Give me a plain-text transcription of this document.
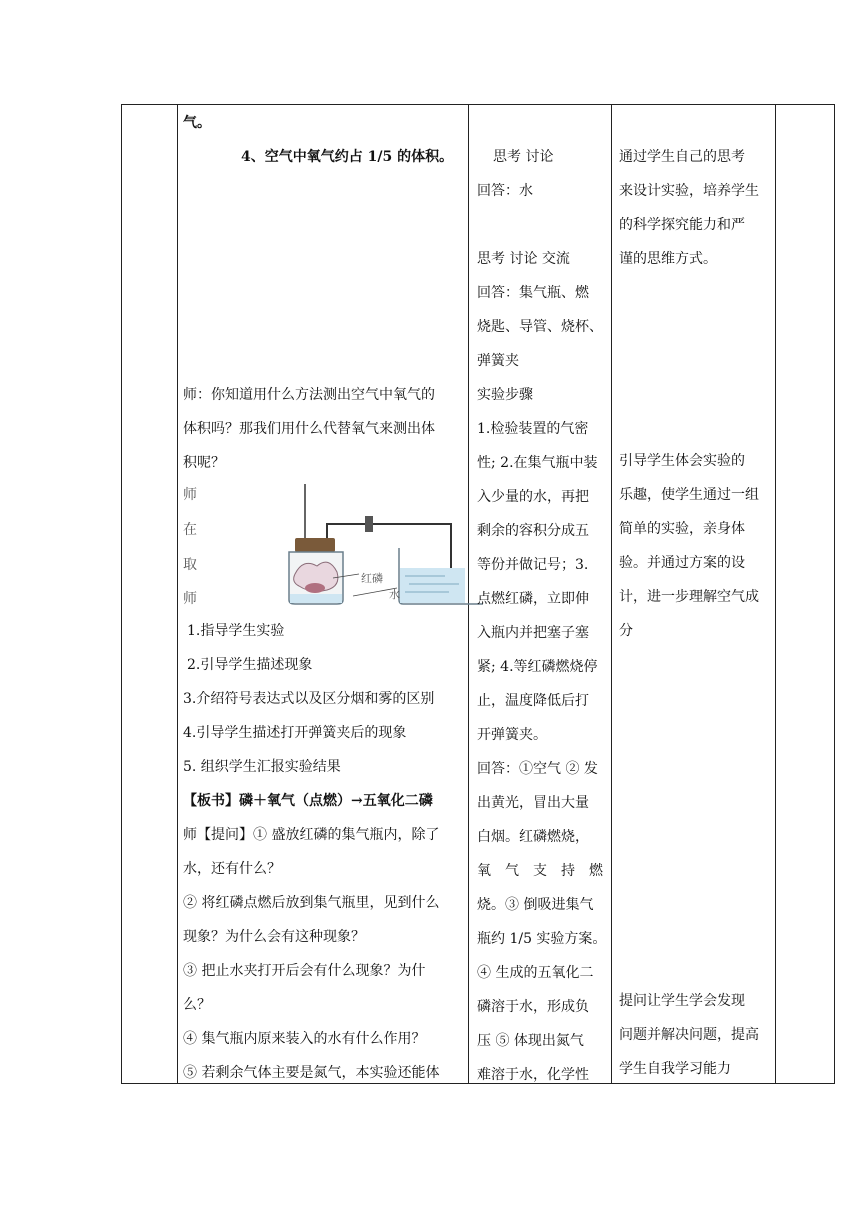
气。
4、空气中氧气约占 1/5 的体积。
师：你知道用什么方法测出空气中氧气的
体积吗？那我们用什么代替氧气来测出体
积呢？
师
在
取
师
红磷
水
1.指导学生实验
2.引导学生描述现象
3.介绍符号表达式以及区分烟和雾的区别
4.引导学生描述打开弹簧夹后的现象
5. 组织学生汇报实验结果
【板书】磷＋氧气（点燃）→五氧化二磷
师【提问】① 盛放红磷的集气瓶内，除了
水，还有什么？
② 将红磷点燃后放到集气瓶里，见到什么
现象？为什么会有这种现象？
③ 把止水夹打开后会有什么现象？为什
么？
④ 集气瓶内原来装入的水有什么作用？
⑤ 若剩余气体主要是氮气，本实验还能体
思考 讨论
回答：水
思考 讨论 交流
回答：集气瓶、燃
烧匙、导管、烧杯、
弹簧夹
实验步骤
1.检验装置的气密
性; 2.在集气瓶中装
入少量的水，再把
剩余的容积分成五
等份并做记号；3.
点燃红磷，立即伸
入瓶内并把塞子塞
紧; 4.等红磷燃烧停
止，温度降低后打
开弹簧夹。
回答：①空气 ② 发
出黄光，冒出大量
白烟。红磷燃烧，
氧　气　支　持　燃
烧。③ 倒吸进集气
瓶约 1/5 实验方案。
④ 生成的五氧化二
磷溶于水，形成负
压 ⑤ 体现出氮气
难溶于水，化学性
通过学生自己的思考
来设计实验，培养学生
的科学探究能力和严
谨的思维方式。
引导学生体会实验的
乐趣，使学生通过一组
简单的实验，亲身体
验。并通过方案的设
计，进一步理解空气成
分
提问让学生学会发现
问题并解决问题，提高
学生自我学习能力
